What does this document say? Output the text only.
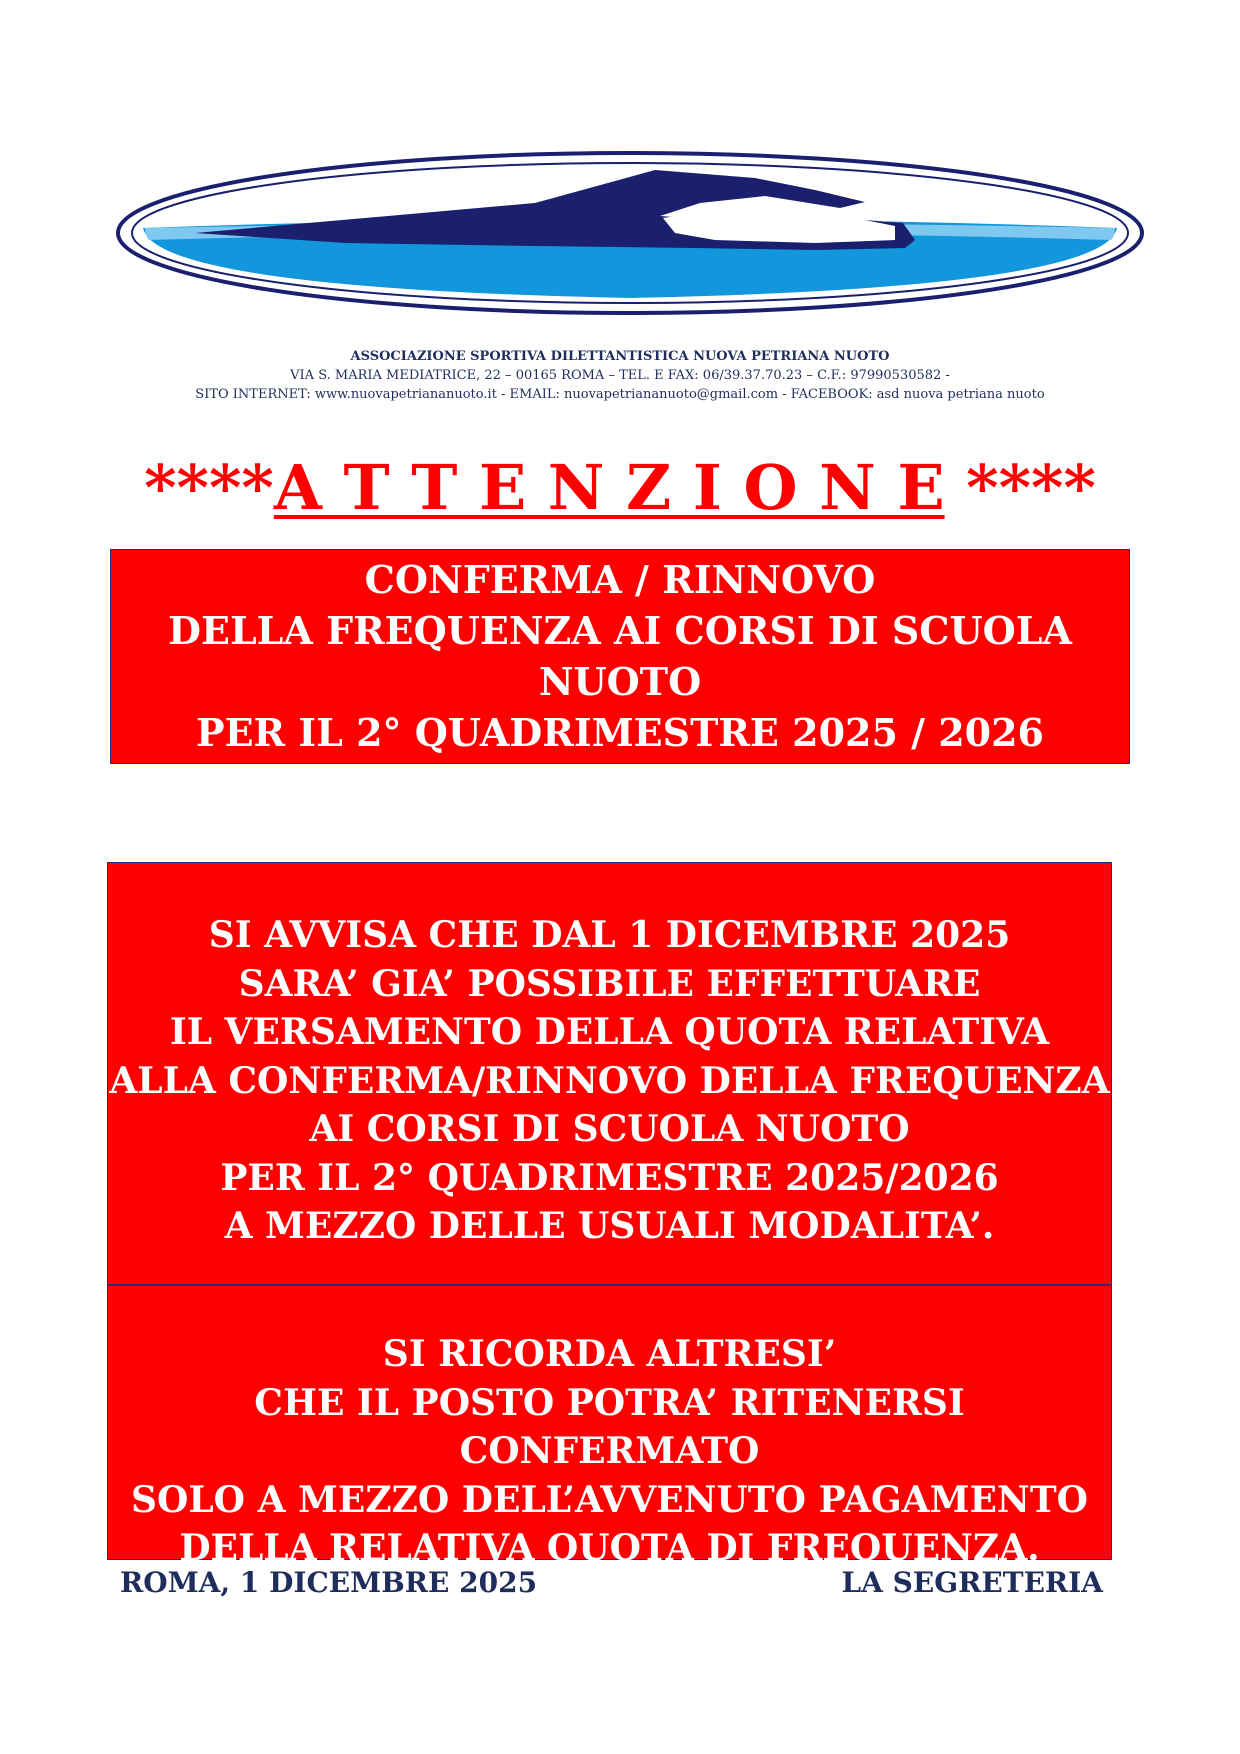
ASSOCIAZIONE SPORTIVA DILETTANTISTICA NUOVA PETRIANA NUOTO
VIA S. MARIA MEDIATRICE, 22 – 00165 ROMA – TEL. E FAX: 06/39.37.70.23 – C.F.: 97990530582 -
SITO INTERNET: www.nuovapetriananuoto.it - EMAIL: nuovapetriananuoto@gmail.com - FACEBOOK: asd nuova petriana nuoto
****A T T E N Z I O N E ****
CONFERMA / RINNOVO
DELLA FREQUENZA AI CORSI DI SCUOLA NUOTO
PER IL 2° QUADRIMESTRE 2025 / 2026
SI AVVISA CHE DAL 1 DICEMBRE 2025
SARA’ GIA’ POSSIBILE EFFETTUARE
IL VERSAMENTO DELLA QUOTA RELATIVA
ALLA CONFERMA/RINNOVO DELLA FREQUENZA
AI CORSI DI SCUOLA NUOTO
PER IL 2° QUADRIMESTRE 2025/2026
A MEZZO DELLE USUALI MODALITA’.
SI RICORDA ALTRESI’
CHE IL POSTO POTRA’ RITENERSI CONFERMATO
SOLO A MEZZO DELL’AVVENUTO PAGAMENTO
DELLA RELATIVA QUOTA DI FREQUENZA.
ROMA, 1 DICEMBRE 2025	LA SEGRETERIA
